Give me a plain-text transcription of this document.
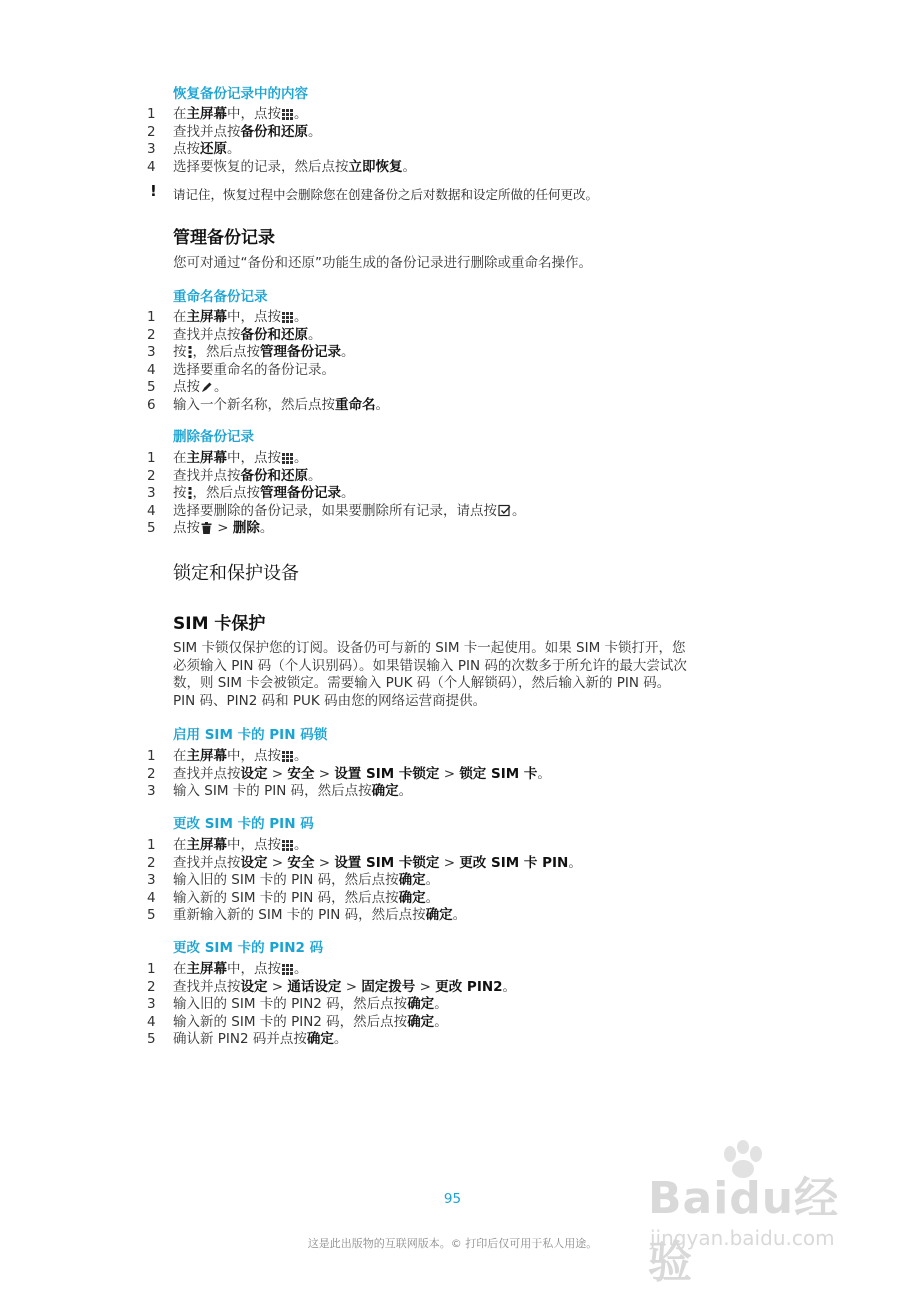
恢复备份记录中的内容
1	在主屏幕中，点按 。
2	查找并点按备份和还原。
3	点按还原。
4	选择要恢复的记录，然后点按立即恢复。
! 请记住，恢复过程中会删除您在创建备份之后对数据和设定所做的任何更改。
管理备份记录
您可对通过“备份和还原”功能生成的备份记录进行删除或重命名操作。
重命名备份记录
1	在主屏幕中，点按 。
2	查找并点按备份和还原。
3	按 ，然后点按管理备份记录。
4	选择要重命名的备份记录。
5	点按 。
6	输入一个新名称，然后点按重命名。
删除备份记录
1	在主屏幕中，点按 。
2	查找并点按备份和还原。
3	按 ，然后点按管理备份记录。
4	选择要删除的备份记录，如果要删除所有记录，请点按 。
5	点按 > 删除。
锁定和保护设备
SIM 卡保护
SIM 卡锁仅保护您的订阅。设备仍可与新的 SIM 卡一起使用。如果 SIM 卡锁打开，您
必须输入 PIN 码（个人识别码）。如果错误输入 PIN 码的次数多于所允许的最大尝试次
数，则 SIM 卡会被锁定。需要输入 PUK 码（个人解锁码），然后输入新的 PIN 码。
PIN 码、PIN2 码和 PUK 码由您的网络运营商提供。
启用 SIM 卡的 PIN 码锁
1	在主屏幕中，点按 。
2	查找并点按设定 > 安全 > 设置 SIM 卡锁定 > 锁定 SIM 卡。
3	输入 SIM 卡的 PIN 码，然后点按确定。
更改 SIM 卡的 PIN 码
1	在主屏幕中，点按 。
2	查找并点按设定 > 安全 > 设置 SIM 卡锁定 > 更改 SIM 卡 PIN。
3	输入旧的 SIM 卡的 PIN 码，然后点按确定。
4	输入新的 SIM 卡的 PIN 码，然后点按确定。
5	重新输入新的 SIM 卡的 PIN 码，然后点按确定。
更改 SIM 卡的 PIN2 码
1	在主屏幕中，点按 。
2	查找并点按设定 > 通话设定 > 固定拨号 > 更改 PIN2。
3	输入旧的 SIM 卡的 PIN2 码，然后点按确定。
4	输入新的 SIM 卡的 PIN2 码，然后点按确定。
5	确认新 PIN2 码并点按确定。
Baidu经验
jingyan.baidu.com
95
这是此出版物的互联网版本。© 打印后仅可用于私人用途。
